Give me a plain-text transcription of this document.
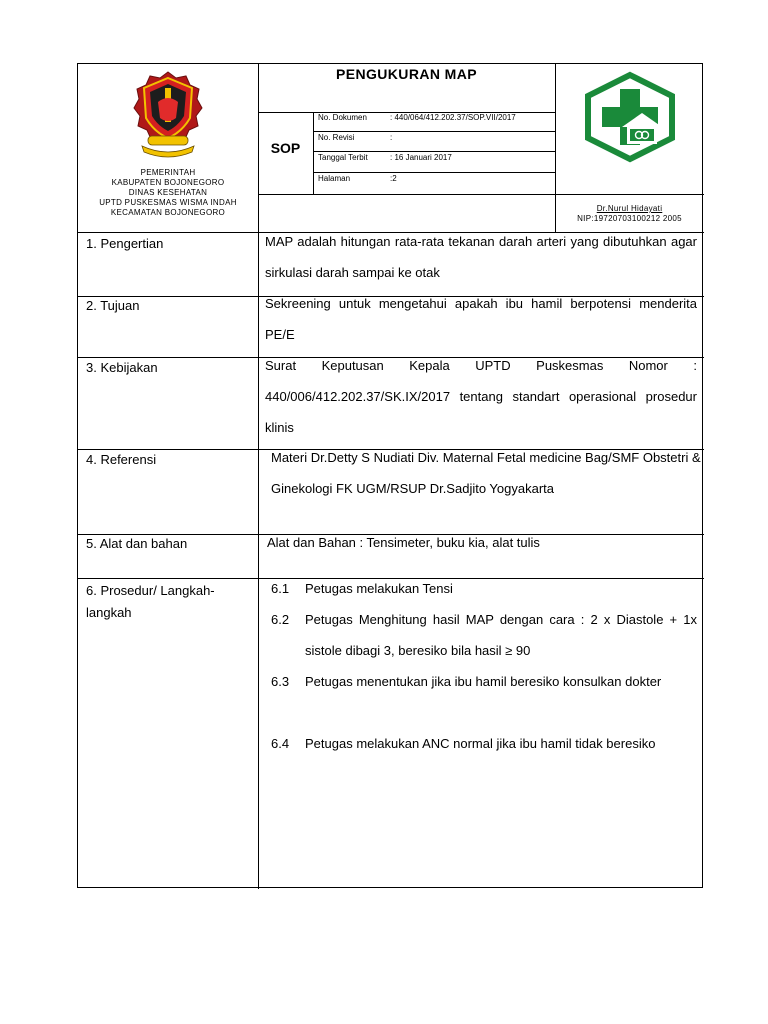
PEMERINTAH
KABUPATEN BOJONEGORO
DINAS KESEHATAN
UPTD PUSKESMAS WISMA INDAH
KECAMATAN BOJONEGORO
PENGUKURAN MAP
SOP
No. Dokumen	: 440/064/412.202.37/SOP.VII/2017
No. Revisi	:
Tanggal Terbit	: 16 Januari 2017
Halaman	:2
Dr.Nurul Hidayati
NIP:19720703100212 2005
1. Pengertian	MAP adalah hitungan rata-rata tekanan darah arteri yang dibutuhkan agar sirkulasi darah sampai ke otak
2. Tujuan	Sekreening untuk mengetahui apakah ibu hamil berpotensi menderita PE/E
3. Kebijakan	Surat Keputusan Kepala UPTD Puskesmas Nomor : 440/006/412.202.37/SK.IX/2017 tentang standart operasional prosedur klinis
4. Referensi	Materi Dr.Detty S Nudiati Div. Maternal Fetal medicine Bag/SMF Obstetri & Ginekologi FK UGM/RSUP Dr.Sadjito Yogyakarta
5. Alat dan bahan	Alat dan Bahan : Tensimeter, buku kia, alat tulis
6. Prosedur/ Langkah-langkah
6.1	Petugas melakukan Tensi
6.2	Petugas Menghitung hasil MAP dengan cara : 2 x Diastole + 1x sistole dibagi 3, beresiko bila hasil ≥ 90
6.3	Petugas menentukan jika ibu hamil beresiko konsulkan dokter
6.4	Petugas melakukan ANC normal jika ibu hamil tidak beresiko
